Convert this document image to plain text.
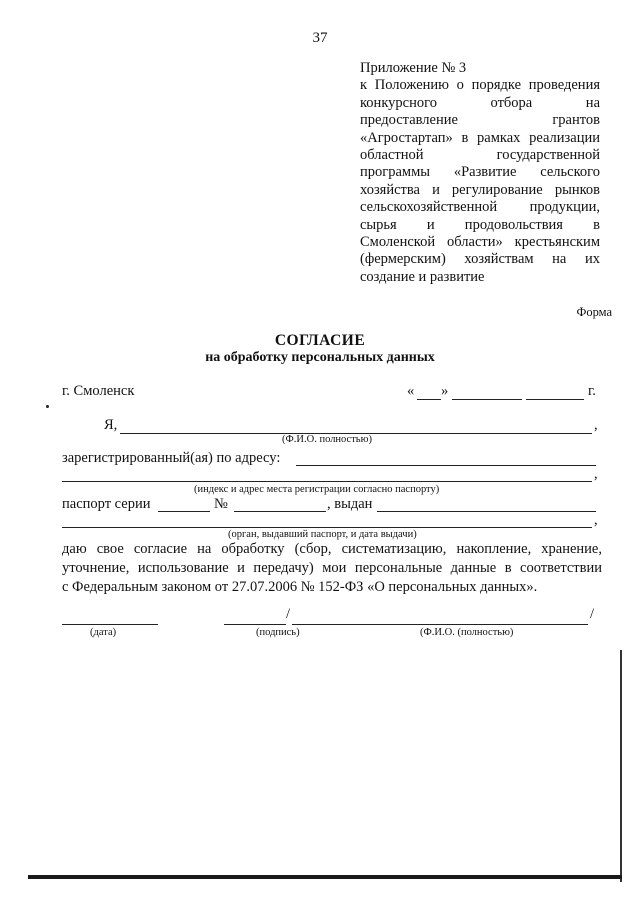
37
Приложение № 3
к Положению о порядке проведения
конкурсного отбора на
предоставление грантов
«Агростартап» в рамках реализации
областной государственной
программы «Развитие сельского
хозяйства и регулирование рынков
сельскохозяйственной продукции,
сырья и продовольствия в
Смоленской области» крестьянским
(фермерским) хозяйствам на их
создание и развитие
Форма
СОГЛАСИЕ
на обработку персональных данных
г. Смоленск	« »	г.
Я,	,
(Ф.И.О. полностью)
зарегистрированный(ая) по адресу:
,
(индекс и адрес места регистрации согласно паспорту)
паспорт серии	№	, выдан
,
(орган, выдавший паспорт, и дата выдачи)
даю свое согласие на обработку (сбор, систематизацию, накопление, хранение,
уточнение, использование и передачу) мои персональные данные в соответствии
с Федеральным законом от 27.07.2006 № 152-ФЗ «О персональных данных».
/	/
(дата)	(подпись)	(Ф.И.О. (полностью)
